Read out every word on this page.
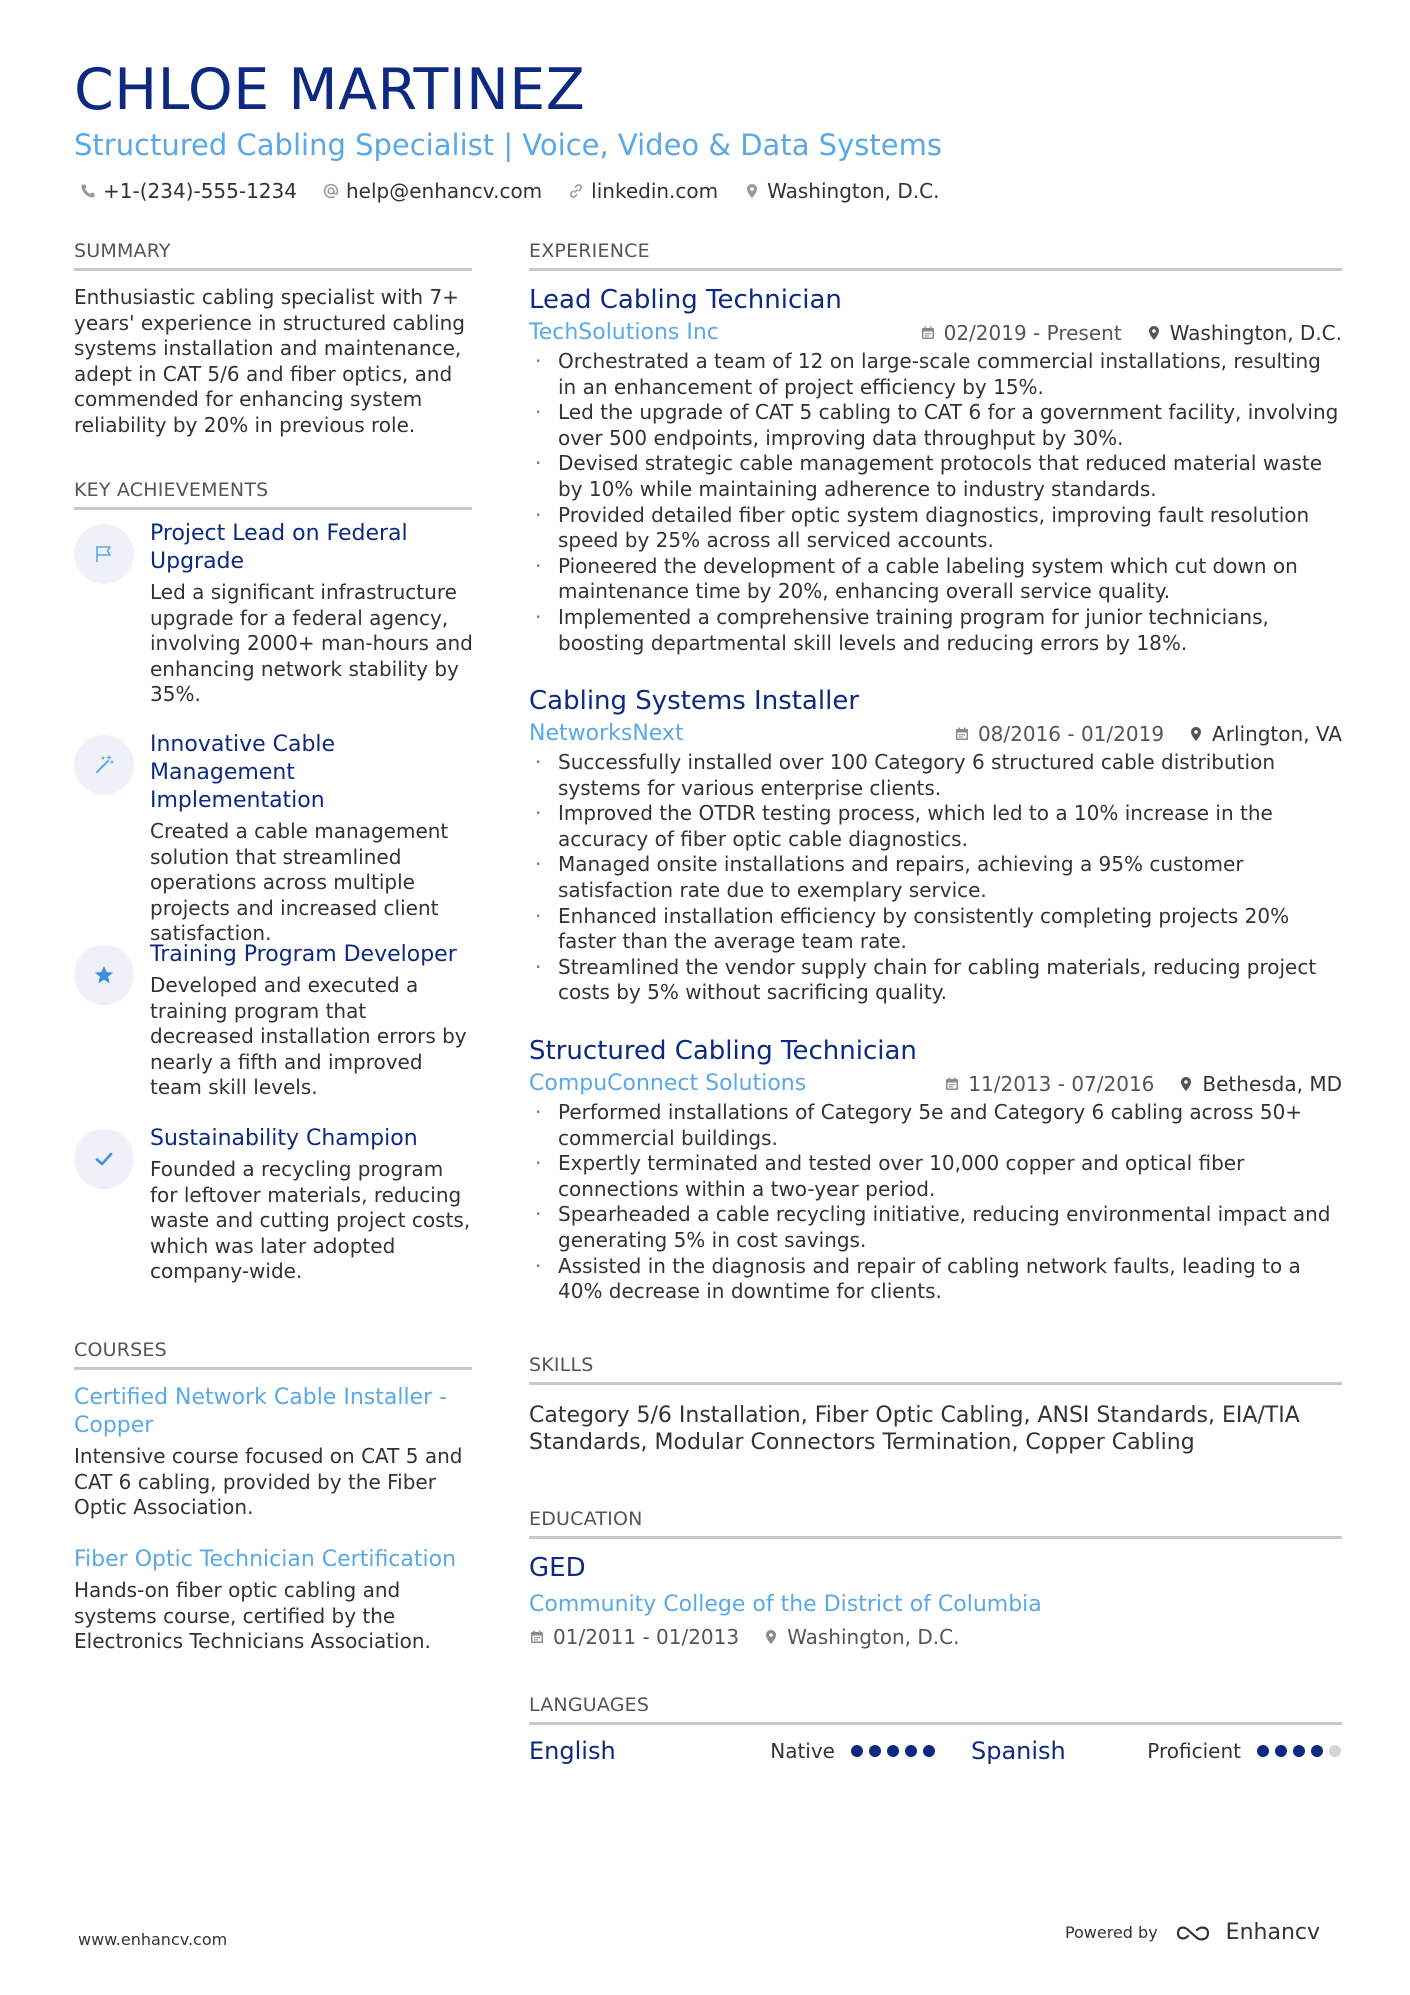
CHLOE MARTINEZ
Structured Cabling Specialist | Voice, Video & Data Systems
+1-(234)-555-1234 help@enhancv.com linkedin.com Washington, D.C.
SUMMARY
Enthusiastic cabling specialist with 7+ years' experience in structured cabling systems installation and maintenance, adept in CAT 5/6 and fiber optics, and commended for enhancing system reliability by 20% in previous role.
KEY ACHIEVEMENTS
Project Lead on Federal Upgrade
Led a significant infrastructure upgrade for a federal agency, involving 2000+ man-hours and enhancing network stability by 35%.
Innovative Cable Management Implementation
Created a cable management solution that streamlined operations across multiple projects and increased client satisfaction.
Training Program Developer
Developed and executed a training program that decreased installation errors by nearly a fifth and improved team skill levels.
Sustainability Champion
Founded a recycling program for leftover materials, reducing waste and cutting project costs, which was later adopted company-wide.
COURSES
Certified Network Cable Installer - Copper
Intensive course focused on CAT 5 and CAT 6 cabling, provided by the Fiber Optic Association.
Fiber Optic Technician Certification
Hands-on fiber optic cabling and systems course, certified by the Electronics Technicians Association.
EXPERIENCE
Lead Cabling Technician
TechSolutions Inc	02/2019 - Present Washington, D.C.
· Orchestrated a team of 12 on large-scale commercial installations, resulting in an enhancement of project efficiency by 15%.
· Led the upgrade of CAT 5 cabling to CAT 6 for a government facility, involving over 500 endpoints, improving data throughput by 30%.
· Devised strategic cable management protocols that reduced material waste by 10% while maintaining adherence to industry standards.
· Provided detailed fiber optic system diagnostics, improving fault resolution speed by 25% across all serviced accounts.
· Pioneered the development of a cable labeling system which cut down on maintenance time by 20%, enhancing overall service quality.
· Implemented a comprehensive training program for junior technicians, boosting departmental skill levels and reducing errors by 18%.
Cabling Systems Installer
NetworksNext	08/2016 - 01/2019 Arlington, VA
· Successfully installed over 100 Category 6 structured cable distribution systems for various enterprise clients.
· Improved the OTDR testing process, which led to a 10% increase in the accuracy of fiber optic cable diagnostics.
· Managed onsite installations and repairs, achieving a 95% customer satisfaction rate due to exemplary service.
· Enhanced installation efficiency by consistently completing projects 20% faster than the average team rate.
· Streamlined the vendor supply chain for cabling materials, reducing project costs by 5% without sacrificing quality.
Structured Cabling Technician
CompuConnect Solutions	11/2013 - 07/2016 Bethesda, MD
· Performed installations of Category 5e and Category 6 cabling across 50+ commercial buildings.
· Expertly terminated and tested over 10,000 copper and optical fiber connections within a two-year period.
· Spearheaded a cable recycling initiative, reducing environmental impact and generating 5% in cost savings.
· Assisted in the diagnosis and repair of cabling network faults, leading to a 40% decrease in downtime for clients.
SKILLS
Category 5/6 Installation, Fiber Optic Cabling, ANSI Standards, EIA/TIA Standards, Modular Connectors Termination, Copper Cabling
EDUCATION
GED
Community College of the District of Columbia
01/2011 - 01/2013 Washington, D.C.
LANGUAGES
English	Native	Spanish	Proficient
www.enhancv.com	Powered by	Enhancv
